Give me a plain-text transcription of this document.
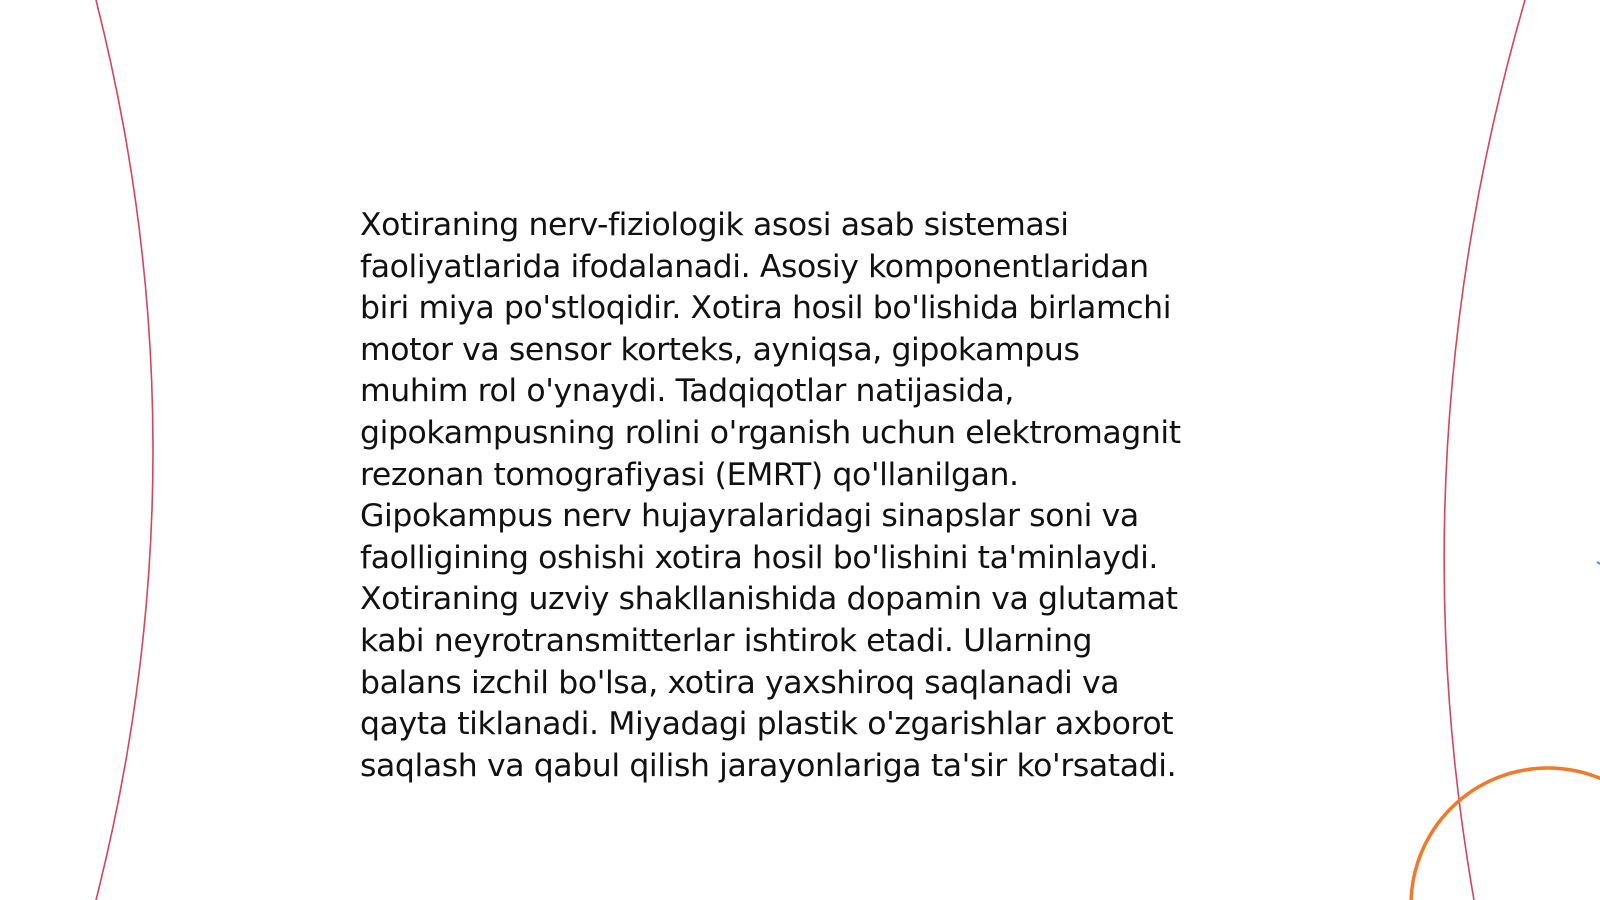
Xotiraning nerv-fiziologik asosi asab sistemasi
faoliyatlarida ifodalanadi. Asosiy komponentlaridan
biri miya po'stloqidir. Xotira hosil bo'lishida birlamchi
motor va sensor korteks, ayniqsa, gipokampus
muhim rol o'ynaydi. Tadqiqotlar natijasida,
gipokampusning rolini o'rganish uchun elektromagnit
rezonan tomografiyasi (EMRT) qo'llanilgan.
Gipokampus nerv hujayralaridagi sinapslar soni va
faolligining oshishi xotira hosil bo'lishini ta'minlaydi.
Xotiraning uzviy shakllanishida dopamin va glutamat
kabi neyrotransmitterlar ishtirok etadi. Ularning
balans izchil bo'lsa, xotira yaxshiroq saqlanadi va
qayta tiklanadi. Miyadagi plastik o'zgarishlar axborot
saqlash va qabul qilish jarayonlariga ta'sir ko'rsatadi.
